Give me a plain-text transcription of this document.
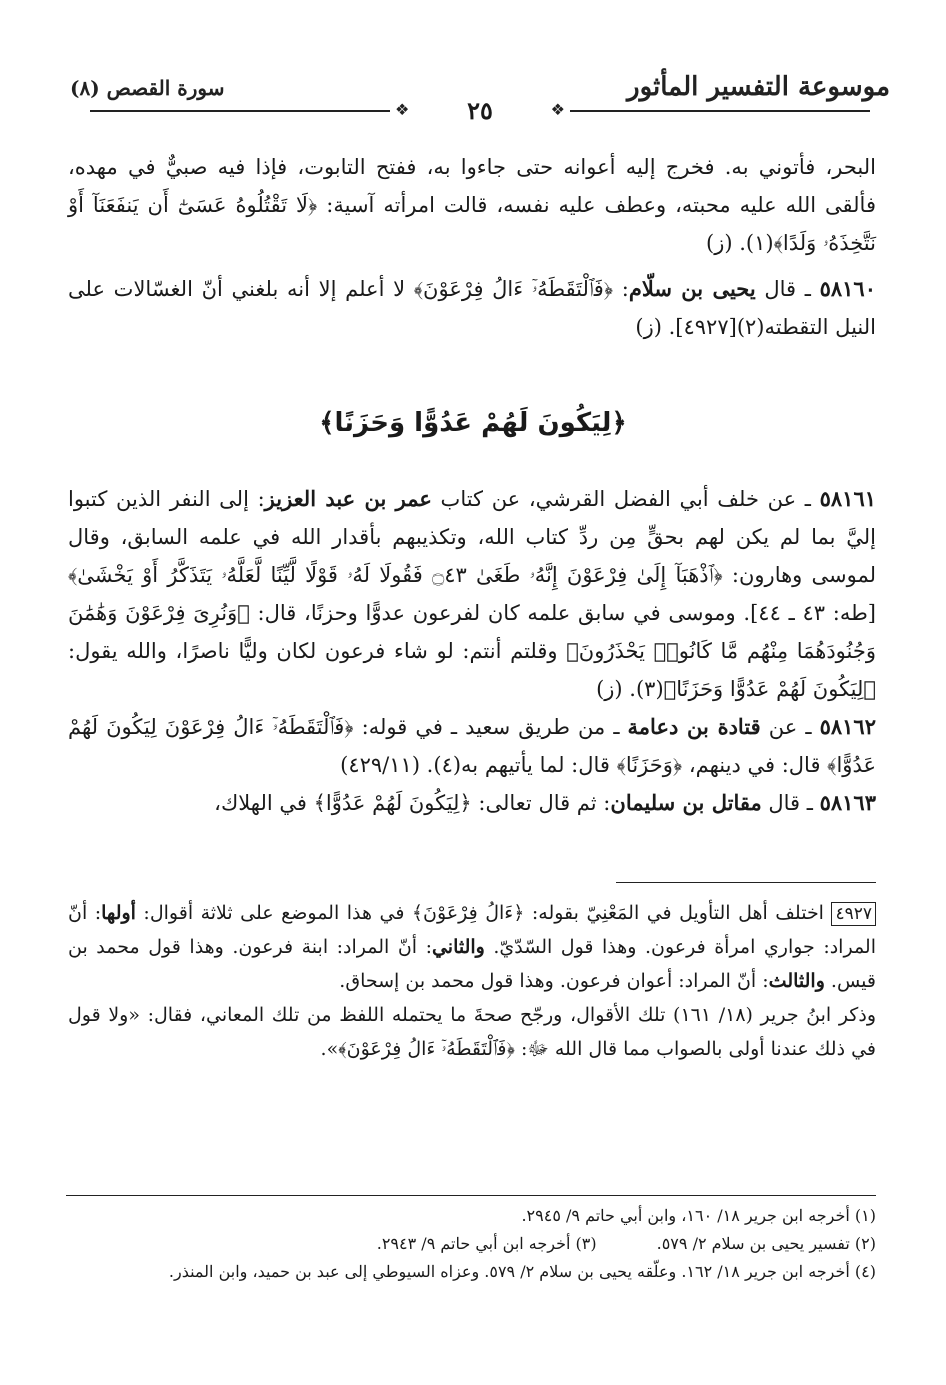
موسوعة التفسير المأثور
سورة القصص (٨)
❖
❖	٢٥

البحر، فأتوني به. فخرج إليه أعوانه حتى جاءوا به، ففتح التابوت، فإذا فيه صبيٌّ في مهده، فألقى الله عليه محبته، وعطف عليه نفسه، قالت امرأته آسية: ﴿لَا تَقْتُلُوهُ عَسَىٰٓ أَن يَنفَعَنَآ أَوْ نَتَّخِذَهُۥ وَلَدًا﴾(١). (ز)

٥٨١٦٠ ـ قال يحيى بن سلّام: ﴿فَٱلْتَقَطَهُۥٓ ءَالُ فِرْعَوْنَ﴾ لا أعلم إلا أنه بلغني أنّ الغسّالات على النيل التقطته(٢)[٤٩٢٧]. (ز)

﴿لِيَكُونَ لَهُمْ عَدُوًّا وَحَزَنًا﴾

٥٨١٦١ ـ عن خلف أبي الفضل القرشي، عن كتاب عمر بن عبد العزيز: إلى النفر الذين كتبوا إليَّ بما لم يكن لهم بحقٍّ مِن ردِّ كتاب الله، وتكذيبهم بأقدار الله في علمه السابق، وقال لموسى وهارون: ﴿ٱذْهَبَآ إِلَىٰ فِرْعَوْنَ إِنَّهُۥ طَغَىٰ ۝٤٣ فَقُولَا لَهُۥ قَوْلًا لَّيِّنًا لَّعَلَّهُۥ يَتَذَكَّرُ أَوْ يَخْشَىٰ﴾ [طه: ٤٣ ـ ٤٤]. وموسى في سابق علمه كان لفرعون عدوًّا وحزنًا، قال: ﴿وَنُرِىَ فِرْعَوْنَ وَهَٰمَٰنَ وَجُنُودَهُمَا مِنْهُم مَّا كَانُوا۟ يَحْذَرُونَ﴾ وقلتم أنتم: لو شاء فرعون لكان وليًّا ناصرًا، والله يقول: ﴿لِيَكُونَ لَهُمْ عَدُوًّا وَحَزَنًا﴾(٣). (ز)

٥٨١٦٢ ـ عن قتادة بن دعامة ـ من طريق سعيد ـ في قوله: ﴿فَٱلْتَقَطَهُۥٓ ءَالُ فِرْعَوْنَ لِيَكُونَ لَهُمْ عَدُوًّا﴾ قال: في دينهم، ﴿وَحَزَنًا﴾ قال: لما يأتيهم به(٤). (٤٢٩/١١)

٥٨١٦٣ ـ قال مقاتل بن سليمان: ثم قال تعالى: ﴿لِيَكُونَ لَهُمْ عَدُوًّا﴾ في الهلاك،

٤٩٢٧ اختلف أهل التأويل في المَعْنِيّ بقوله: ﴿ءَالُ فِرْعَوْنَ﴾ في هذا الموضع على ثلاثة أقوال: أولها: أنّ المراد: جواري امرأة فرعون. وهذا قول السّدّيّ. والثاني: أنّ المراد: ابنة فرعون. وهذا قول محمد بن قيس. والثالث: أنّ المراد: أعوان فرعون. وهذا قول محمد بن إسحاق.

وذكر ابنُ جرير (١٨/ ١٦١) تلك الأقوال، ورجّح صحةَ ما يحتمله اللفظ من تلك المعاني، فقال: «ولا قول في ذلك عندنا أولى بالصواب مما قال الله ﷻ: ﴿فَٱلْتَقَطَهُۥٓ ءَالُ فِرْعَوْنَ﴾».

(١) أخرجه ابن جرير ١٨/ ١٦٠، وابن أبي حاتم ٩/ ٢٩٤٥.

(٢) تفسير يحيى بن سلام ٢/ ٥٧٩.

(٣) أخرجه ابن أبي حاتم ٩/ ٢٩٤٣.

(٤) أخرجه ابن جرير ١٨/ ١٦٢. وعلّقه يحيى بن سلام ٢/ ٥٧٩. وعزاه السيوطي إلى عبد بن حميد، وابن المنذر.
